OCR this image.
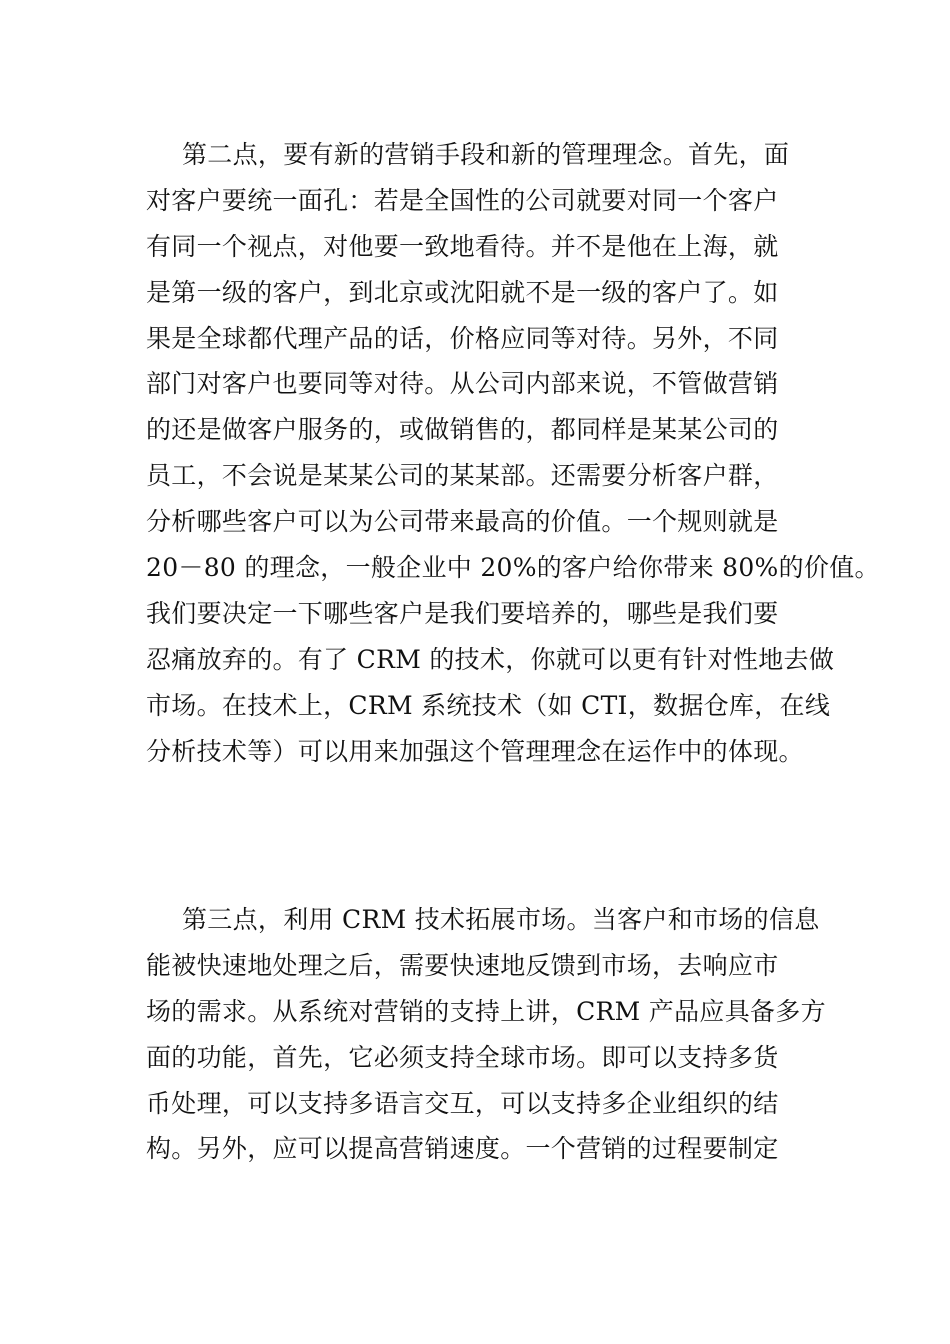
第二点，要有新的营销手段和新的管理理念。首先，面
对客户要统一面孔：若是全国性的公司就要对同一个客户
有同一个视点，对他要一致地看待。并不是他在上海，就
是第一级的客户，到北京或沈阳就不是一级的客户了。如
果是全球都代理产品的话，价格应同等对待。另外，不同
部门对客户也要同等对待。从公司内部来说，不管做营销
的还是做客户服务的，或做销售的，都同样是某某公司的
员工，不会说是某某公司的某某部。还需要分析客户群，
分析哪些客户可以为公司带来最高的价值。一个规则就是
20－80 的理念，一般企业中 20%的客户给你带来 80%的价值。
我们要决定一下哪些客户是我们要培养的，哪些是我们要
忍痛放弃的。有了 CRM 的技术，你就可以更有针对性地去做
市场。在技术上，CRM 系统技术（如 CTI，数据仓库，在线
分析技术等）可以用来加强这个管理理念在运作中的体现。
第三点，利用 CRM 技术拓展市场。当客户和市场的信息
能被快速地处理之后，需要快速地反馈到市场，去响应市
场的需求。从系统对营销的支持上讲，CRM 产品应具备多方
面的功能，首先，它必须支持全球市场。即可以支持多货
币处理，可以支持多语言交互，可以支持多企业组织的结
构。另外，应可以提高营销速度。一个营销的过程要制定
